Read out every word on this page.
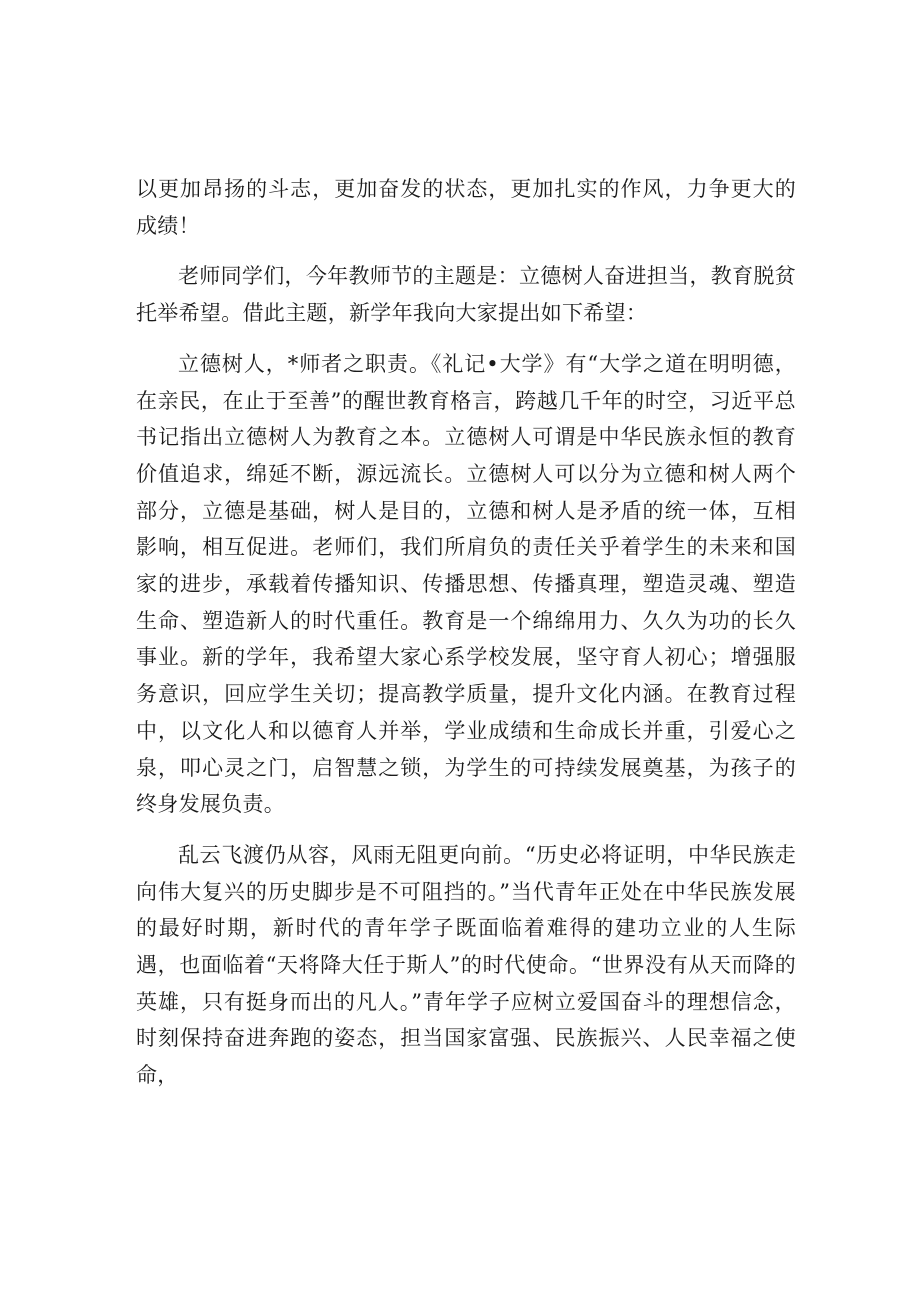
以更加昂扬的斗志，更加奋发的状态，更加扎实的作风，力争更大的成绩！

老师同学们，今年教师节的主题是：立德树人奋进担当，教育脱贫托举希望。借此主题，新学年我向大家提出如下希望：

立德树人，*师者之职责。《礼记•大学》有“大学之道在明明德，在亲民，在止于至善”的醒世教育格言，跨越几千年的时空，习近平总书记指出立德树人为教育之本。立德树人可谓是中华民族永恒的教育价值追求，绵延不断，源远流长。立德树人可以分为立德和树人两个部分，立德是基础，树人是目的，立德和树人是矛盾的统一体，互相影响，相互促进。老师们，我们所肩负的责任关乎着学生的未来和国家的进步，承载着传播知识、传播思想、传播真理，塑造灵魂、塑造生命、塑造新人的时代重任。教育是一个绵绵用力、久久为功的长久事业。新的学年，我希望大家心系学校发展，坚守育人初心；增强服务意识，回应学生关切；提高教学质量，提升文化内涵。在教育过程中，以文化人和以德育人并举，学业成绩和生命成长并重，引爱心之泉，叩心灵之门，启智慧之锁，为学生的可持续发展奠基，为孩子的终身发展负责。

乱云飞渡仍从容，风雨无阻更向前。“历史必将证明，中华民族走向伟大复兴的历史脚步是不可阻挡的。”当代青年正处在中华民族发展的最好时期，新时代的青年学子既面临着难得的建功立业的人生际遇，也面临着“天将降大任于斯人”的时代使命。“世界没有从天而降的英雄，只有挺身而出的凡人。”青年学子应树立爱国奋斗的理想信念，时刻保持奋进奔跑的姿态，担当国家富强、民族振兴、人民幸福之使命，
